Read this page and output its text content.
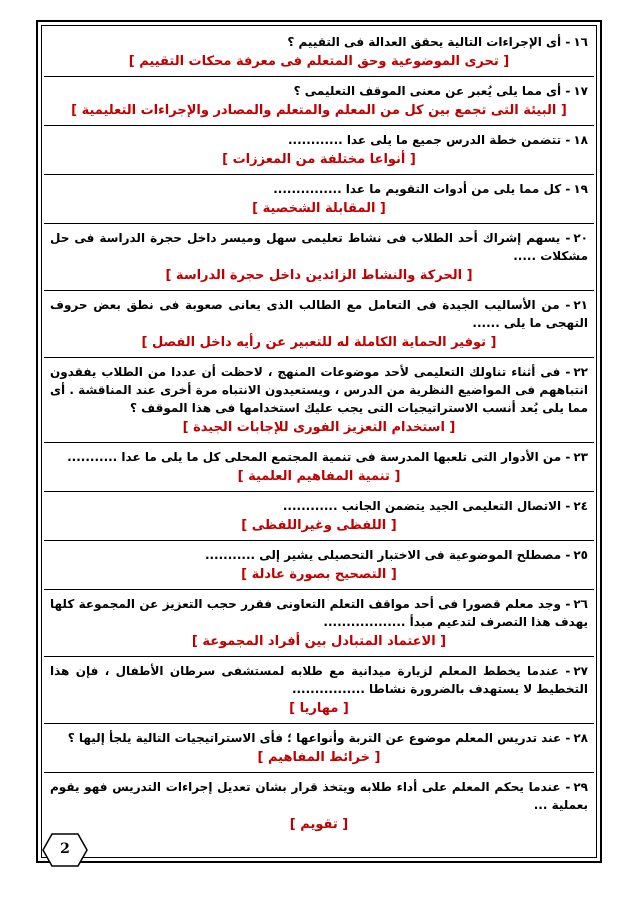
١٦- أى الإجراءات التالية يحقق العدالة فى التقييم ؟
[ تحرى الموضوعية وحق المتعلم فى معرفة محكات التقييم ]
١٧- أى مما يلى يُعبر عن معنى الموقف التعليمى ؟
[ البيئة التى تجمع بين كل من المعلم والمتعلم والمصادر والإجراءات التعليمية ]
١٨- تتضمن خطة الدرس جميع ما يلى عدا ............
[ أنواعا مختلفة من المعززات ]
١٩- كل مما يلى من أدوات التقويم ما عدا ...............
[ المقابلة الشخصية ]
٢٠- يسهم إشراك أحد الطلاب فى نشاط تعليمى سهل وميسر داخل حجرة الدراسة فى حل مشكلات .....
[ الحركة والنشاط الزائدين داخل حجرة الدراسة ]
٢١- من الأساليب الجيدة فى التعامل مع الطالب الذى يعانى صعوبة فى نطق بعض حروف التهجى ما يلى ......
[ توفير الحماية الكاملة له للتعبير عن رأيه داخل الفصل ]
٢٢- فى أثناء تناولك التعليمى لأحد موضوعات المنهج ، لاحظت أن عددا من الطلاب يفقدون انتباههم فى المواضيع النظرية من الدرس ، ويستعيدون الانتباه مرة أخرى عند المناقشة . أى مما يلى يُعد أنسب الاستراتيجيات التى يجب عليك استخدامها فى هذا الموقف ؟
[ استخدام التعزيز الفورى للإجابات الجيدة ]
٢٣- من الأدوار التى تلعبها المدرسة فى تنمية المجتمع المحلى كل ما يلى ما عدا ...........
[ تنمية المفاهيم العلمية ]
٢٤- الاتصال التعليمى الجيد يتضمن الجانب ............
[ اللفظى وغيراللفظى ]
٢٥- مصطلح الموضوعية فى الاختبار التحصيلى يشير إلى ...........
[ التصحيح بصورة عادلة ]
٢٦- وجد معلم قصورا فى أحد مواقف التعلم التعاونى فقرر حجب التعزيز عن المجموعة كلها يهدف هذا التصرف لتدعيم مبدأ ..................
[ الاعتماد المتبادل بين أفراد المجموعة ]
٢٧- عندما يخطط المعلم لزيارة ميدانية مع طلابه لمستشفى سرطان الأطفال ، فإن هذا التخطيط لا يستهدف بالضرورة نشاطا ................
[ مهاريا ]
٢٨- عند تدريس المعلم موضوع عن التربة وأنواعها ؛ فأى الاستراتيجيات التالية يلجأ إليها ؟
[ خرائط المفاهيم ]
٢٩- عندما يحكم المعلم على أداء طلابه ويتخذ قرار بشان تعديل إجراءات التدريس فهو يقوم بعملية ...
[ تقويم ]
2
